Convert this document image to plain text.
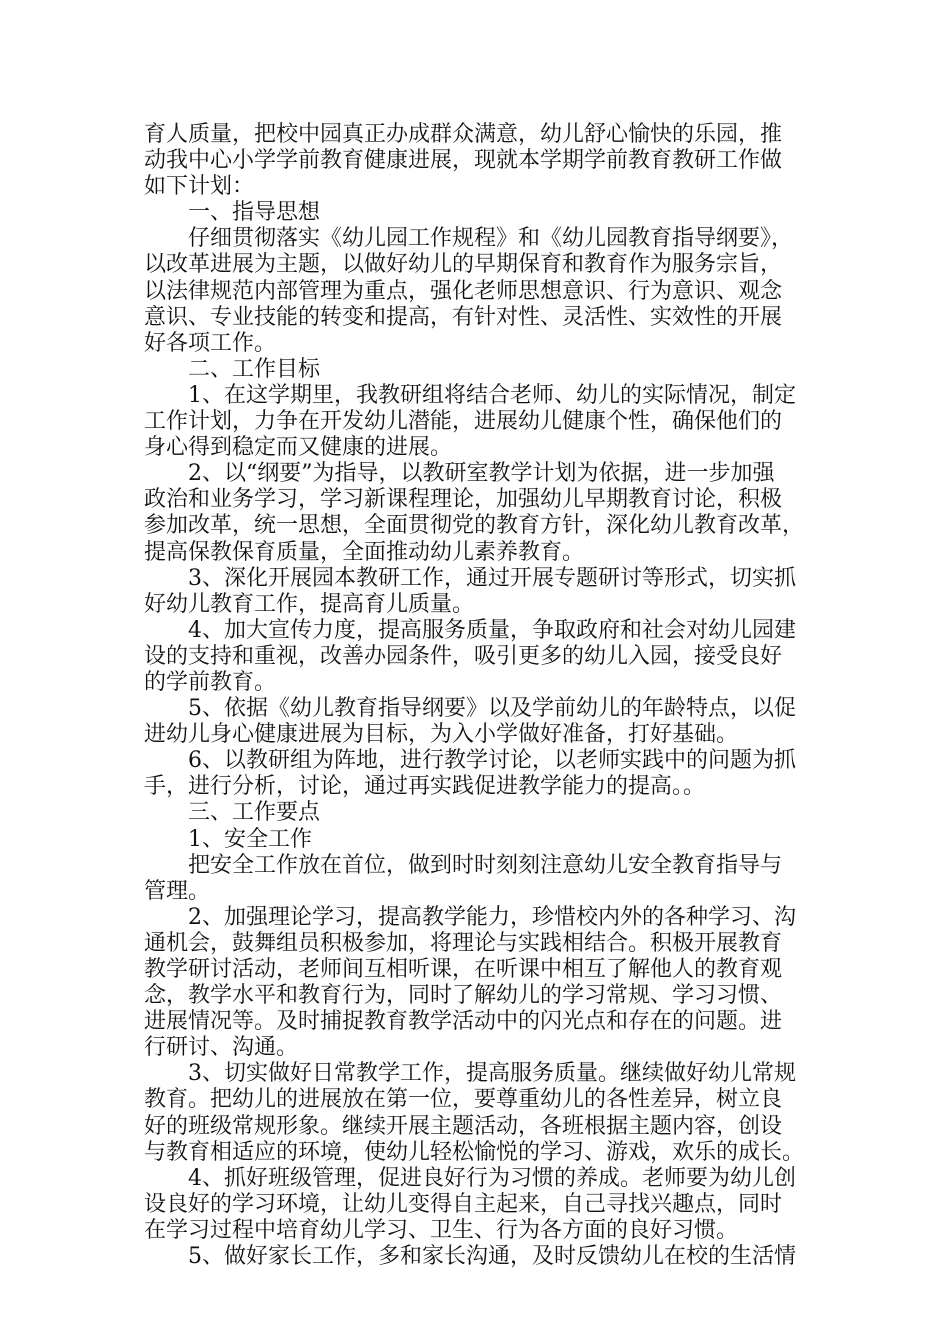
育人质量，把校中园真正办成群众满意，幼儿舒心愉快的乐园，推
动我中心小学学前教育健康进展，现就本学期学前教育教研工作做
如下计划：
　　一、指导思想
　　仔细贯彻落实《幼儿园工作规程》和《幼儿园教育指导纲要》，
以改革进展为主题，以做好幼儿的早期保育和教育作为服务宗旨，
以法律规范内部管理为重点，强化老师思想意识、行为意识、观念
意识、专业技能的转变和提高，有针对性、灵活性、实效性的开展
好各项工作。
　　二、工作目标
　　1、在这学期里，我教研组将结合老师、幼儿的实际情况，制定
工作计划，力争在开发幼儿潜能，进展幼儿健康个性，确保他们的
身心得到稳定而又健康的进展。
　　2、以“纲要”为指导，以教研室教学计划为依据，进一步加强
政治和业务学习，学习新课程理论，加强幼儿早期教育讨论，积极
参加改革，统一思想，全面贯彻党的教育方针，深化幼儿教育改革，
提高保教保育质量，全面推动幼儿素养教育。
　　3、深化开展园本教研工作，通过开展专题研讨等形式，切实抓
好幼儿教育工作，提高育儿质量。
　　4、加大宣传力度，提高服务质量，争取政府和社会对幼儿园建
设的支持和重视，改善办园条件，吸引更多的幼儿入园，接受良好
的学前教育。
　　5、依据《幼儿教育指导纲要》以及学前幼儿的年龄特点，以促
进幼儿身心健康进展为目标，为入小学做好准备，打好基础。
　　6、以教研组为阵地，进行教学讨论，以老师实践中的问题为抓
手，进行分析，讨论，通过再实践促进教学能力的提高。。
　　三、工作要点
　　1、安全工作
　　把安全工作放在首位，做到时时刻刻注意幼儿安全教育指导与
管理。
　　2、加强理论学习，提高教学能力，珍惜校内外的各种学习、沟
通机会，鼓舞组员积极参加，将理论与实践相结合。积极开展教育
教学研讨活动，老师间互相听课，在听课中相互了解他人的教育观
念，教学水平和教育行为，同时了解幼儿的学习常规、学习习惯、
进展情况等。及时捕捉教育教学活动中的闪光点和存在的问题。进
行研讨、沟通。
　　3、切实做好日常教学工作，提高服务质量。继续做好幼儿常规
教育。把幼儿的进展放在第一位，要尊重幼儿的各性差异，树立良
好的班级常规形象。继续开展主题活动，各班根据主题内容，创设
与教育相适应的环境，使幼儿轻松愉悦的学习、游戏，欢乐的成长。
　　4、抓好班级管理，促进良好行为习惯的养成。老师要为幼儿创
设良好的学习环境，让幼儿变得自主起来，自己寻找兴趣点，同时
在学习过程中培育幼儿学习、卫生、行为各方面的良好习惯。
　　5、做好家长工作，多和家长沟通，及时反馈幼儿在校的生活情
